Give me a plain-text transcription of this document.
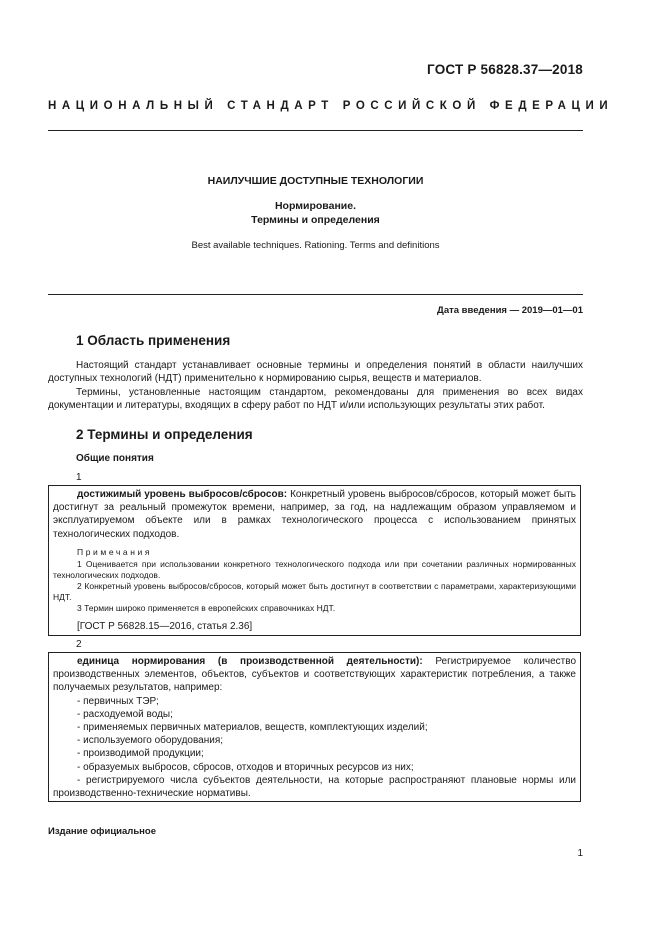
ГОСТ Р 56828.37—2018
НАЦИОНАЛЬНЫЙ СТАНДАРТ РОССИЙСКОЙ ФЕДЕРАЦИИ
НАИЛУЧШИЕ ДОСТУПНЫЕ ТЕХНОЛОГИИ
Нормирование.
Термины и определения
Best available techniques. Rationing. Terms and definitions
Дата введения — 2019—01—01
1 Область применения
Настоящий стандарт устанавливает основные термины и определения понятий в области наилучших доступных технологий (НДТ) применительно к нормированию сырья, веществ и материалов.
Термины, установленные настоящим стандартом, рекомендованы для применения во всех видах документации и литературы, входящих в сферу работ по НДТ и/или использующих результаты этих работ.
2 Термины и определения
Общие понятия
1

достижимый уровень выбросов/сбросов: Конкретный уровень выбросов/сбросов, который может быть достигнут за реальный промежуток времени, например, за год, на надлежащим образом управляемом и эксплуатируемом объекте или в рамках технологического процесса с использованием принятых технологических подходов.

Примечания

1 Оценивается при использовании конкретного технологического подхода или при сочетании различных нормированных технологических подходов.

2 Конкретный уровень выбросов/сбросов, который может быть достигнут в соответствии с параметрами, характеризующими НДТ.

3 Термин широко применяется в европейских справочниках НДТ.

[ГОСТ Р 56828.15—2016, статья 2.36]

2

единица нормирования (в производственной деятельности): Регистрируемое количество производственных элементов, объектов, субъектов и соответствующих характеристик потребления, а также получаемых результатов, например:

- первичных ТЭР;

- расходуемой воды;

- применяемых первичных материалов, веществ, комплектующих изделий;

- используемого оборудования;

- производимой продукции;

- образуемых выбросов, сбросов, отходов и вторичных ресурсов из них;

- регистрируемого числа субъектов деятельности, на которые распространяют плановые нормы или производственно-технические нормативы.

Издание официальное
1
